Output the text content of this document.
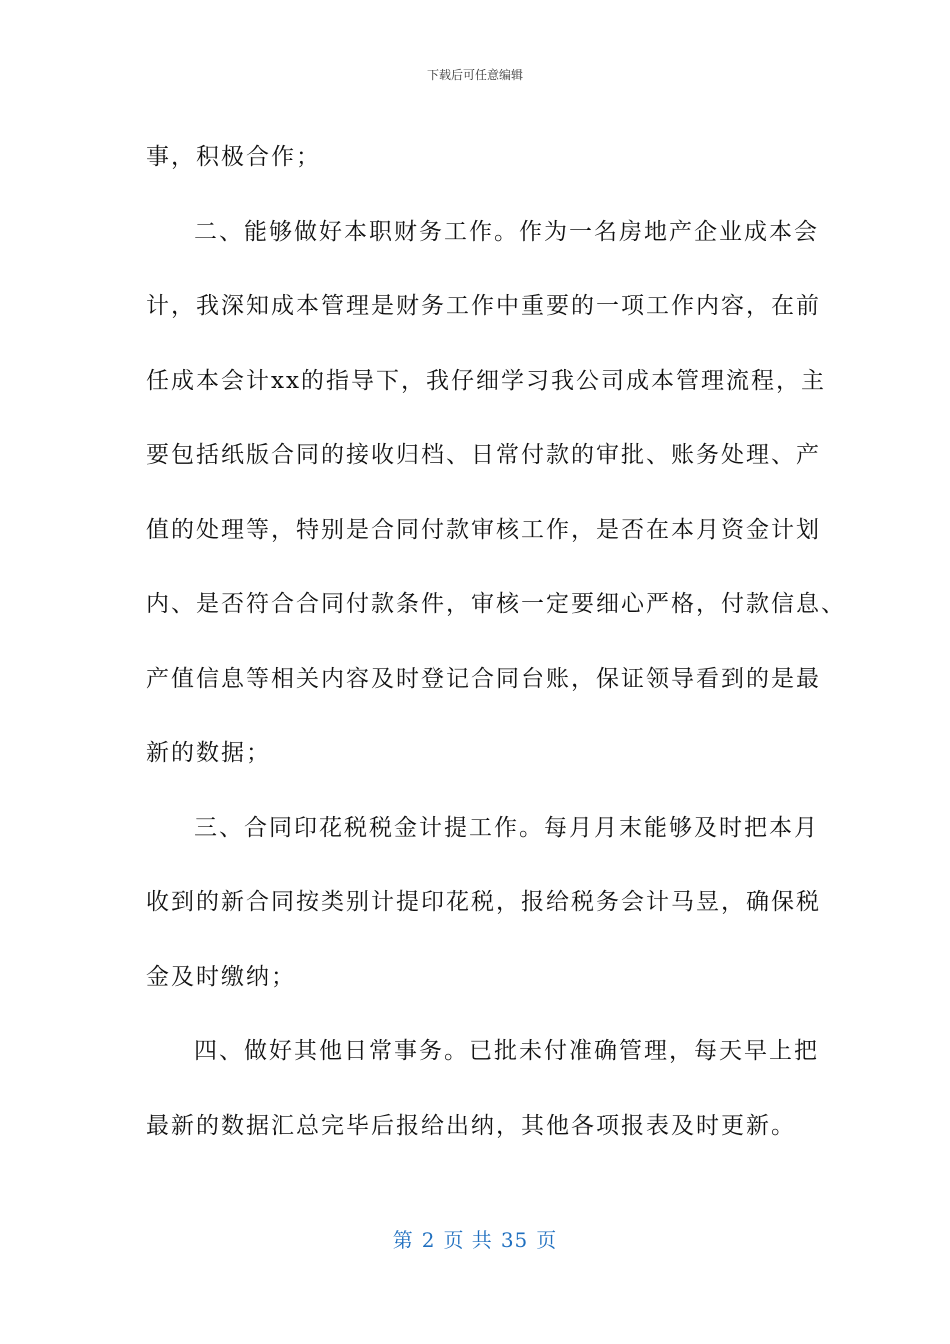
下载后可任意编辑
事，积极合作；
二、能够做好本职财务工作。作为一名房地产企业成本会
计，我深知成本管理是财务工作中重要的一项工作内容，在前
任成本会计xx的指导下，我仔细学习我公司成本管理流程，主
要包括纸版合同的接收归档、日常付款的审批、账务处理、产
值的处理等，特别是合同付款审核工作，是否在本月资金计划
内、是否符合合同付款条件，审核一定要细心严格，付款信息、
产值信息等相关内容及时登记合同台账，保证领导看到的是最
新的数据；
三、合同印花税税金计提工作。每月月末能够及时把本月
收到的新合同按类别计提印花税，报给税务会计马昱，确保税
金及时缴纳；
四、做好其他日常事务。已批未付准确管理，每天早上把
最新的数据汇总完毕后报给出纳，其他各项报表及时更新。
第 2 页 共 35 页
